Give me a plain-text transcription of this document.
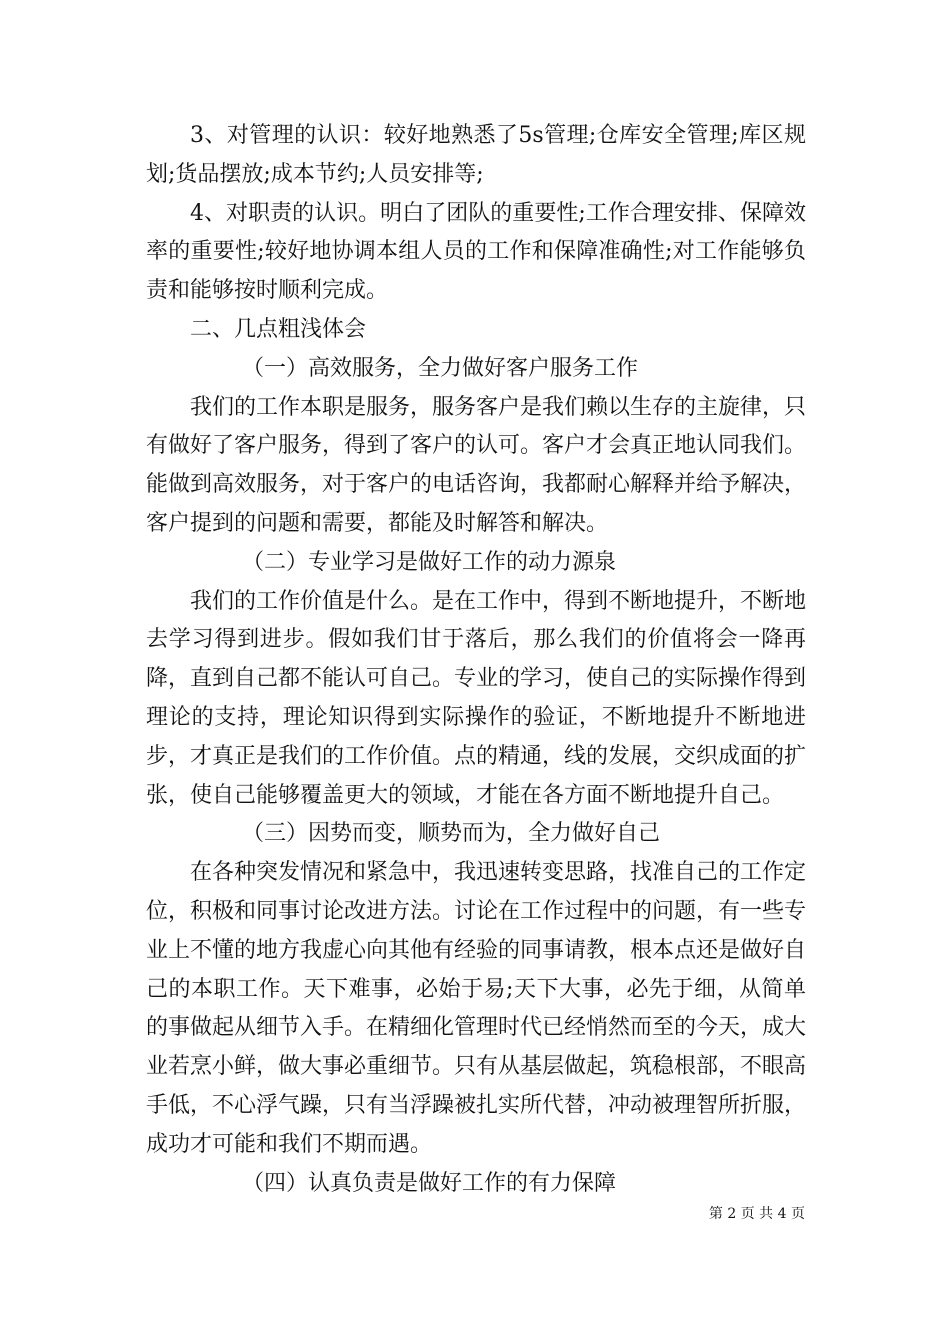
3、对管理的认识：较好地熟悉了5s管理;仓库安全管理;库区规划;货品摆放;成本节约;人员安排等;

4、对职责的认识。明白了团队的重要性;工作合理安排、保障效率的重要性;较好地协调本组人员的工作和保障准确性;对工作能够负责和能够按时顺利完成。

二、几点粗浅体会

（一）高效服务，全力做好客户服务工作

我们的工作本职是服务，服务客户是我们赖以生存的主旋律，只有做好了客户服务，得到了客户的认可。客户才会真正地认同我们。能做到高效服务，对于客户的电话咨询，我都耐心解释并给予解决，客户提到的问题和需要，都能及时解答和解决。

（二）专业学习是做好工作的动力源泉

我们的工作价值是什么。是在工作中，得到不断地提升，不断地去学习得到进步。假如我们甘于落后，那么我们的价值将会一降再降，直到自己都不能认可自己。专业的学习，使自己的实际操作得到理论的支持，理论知识得到实际操作的验证，不断地提升不断地进步，才真正是我们的工作价值。点的精通，线的发展，交织成面的扩张，使自己能够覆盖更大的领域，才能在各方面不断地提升自己。

（三）因势而变，顺势而为，全力做好自己

在各种突发情况和紧急中，我迅速转变思路，找准自己的工作定位，积极和同事讨论改进方法。讨论在工作过程中的问题，有一些专业上不懂的地方我虚心向其他有经验的同事请教，根本点还是做好自己的本职工作。天下难事，必始于易;天下大事，必先于细，从简单的事做起从细节入手。在精细化管理时代已经悄然而至的今天，成大业若烹小鲜，做大事必重细节。只有从基层做起，筑稳根部，不眼高手低，不心浮气躁，只有当浮躁被扎实所代替，冲动被理智所折服，成功才可能和我们不期而遇。

（四）认真负责是做好工作的有力保障

第 2 页 共 4 页
